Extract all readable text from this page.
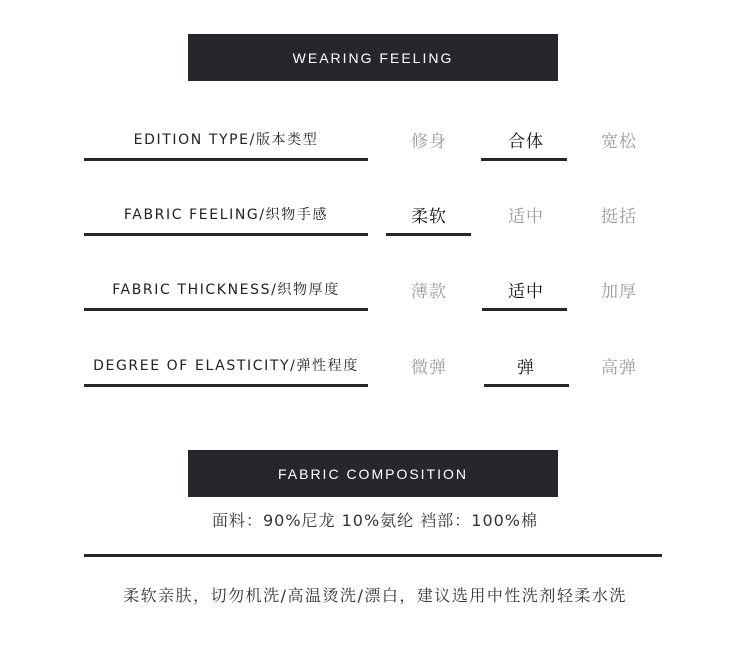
WEARING FEELING
EDITION TYPE/版本类型	修身	合体	宽松
FABRIC FEELING/织物手感	柔软	适中	挺括
FABRIC THICKNESS/织物厚度	薄款	适中	加厚
DEGREE OF ELASTICITY/弹性程度	微弹	弹	高弹
FABRIC COMPOSITION
面料：90%尼龙 10%氨纶 裆部：100%棉
柔软亲肤，切勿机洗/高温烫洗/漂白，建议选用中性洗剂轻柔水洗
